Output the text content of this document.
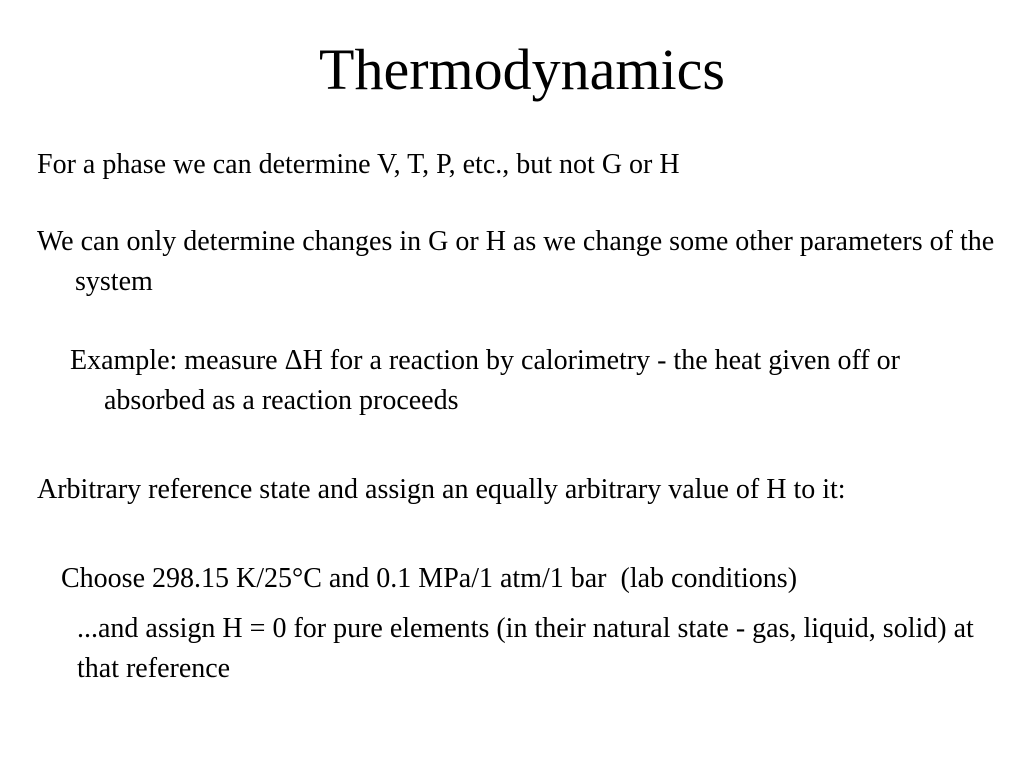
Thermodynamics

For a phase we can determine V, T, P, etc., but not G or H

We can only determine changes in G or H as we change some other parameters of the system

Example: measure ΔH for a reaction by calorimetry - the heat given off or absorbed as a reaction proceeds

Arbitrary reference state and assign an equally arbitrary value of H to it:

Choose 298.15 K/25°C and 0.1 MPa/1 atm/1 bar  (lab conditions)

...and assign H = 0 for pure elements (in their natural state - gas, liquid, solid) at that reference
